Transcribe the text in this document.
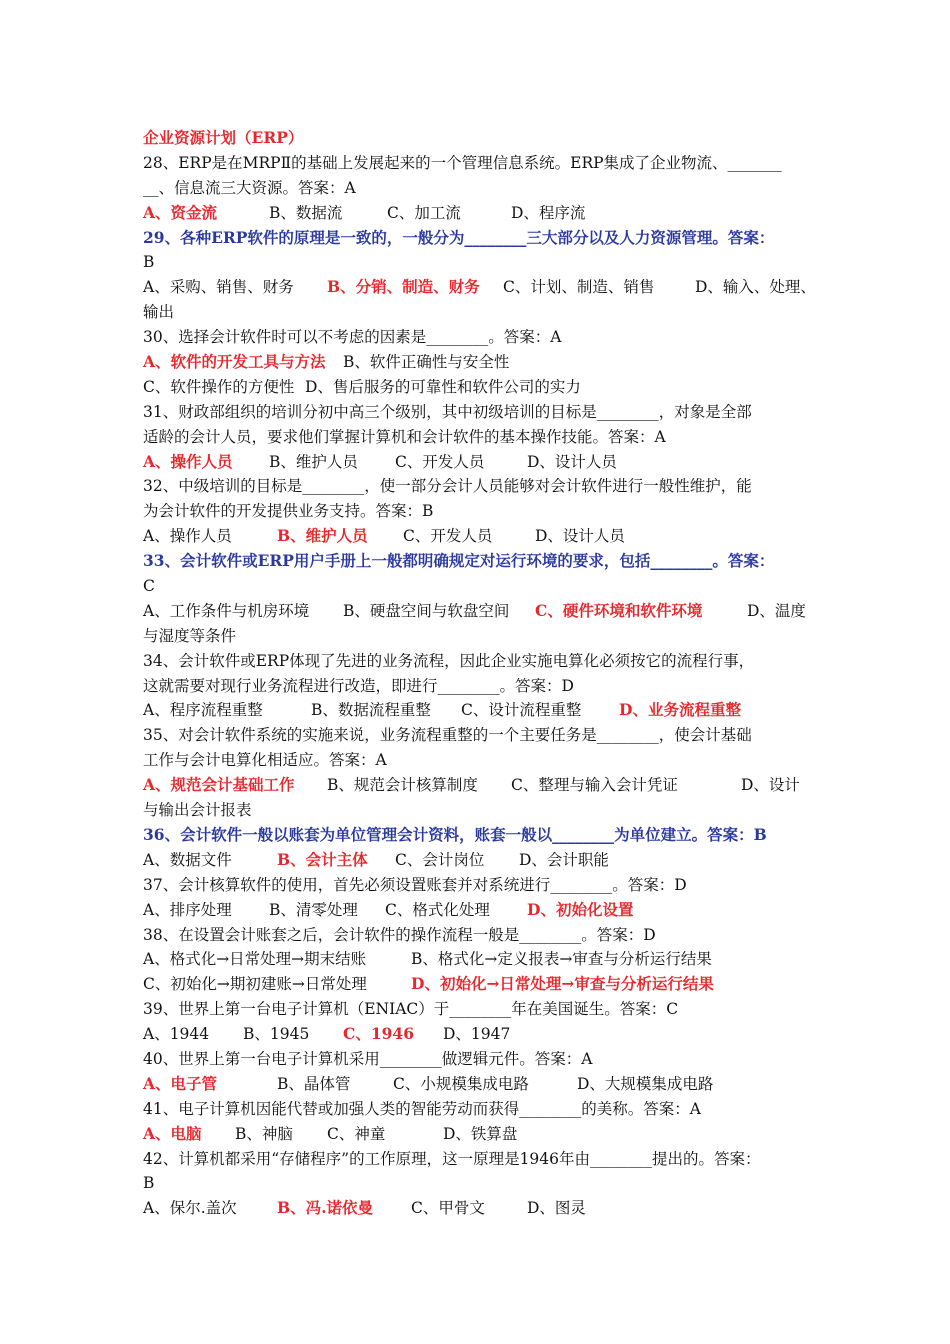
企业资源计划（ERP）
28、ERP是在MRPⅡ的基础上发展起来的一个管理信息系统。ERP集成了企业物流、_______
__、信息流三大资源。答案：A
A、资金流	B、数据流	C、加工流	D、程序流
29、各种ERP软件的原理是一致的，一般分为________三大部分以及人力资源管理。答案：
B
A、采购、销售、财务 B、分销、制造、财务 C、计划、制造、销售	D、输入、处理、
输出
30、选择会计软件时可以不考虑的因素是________。答案：A
A、软件的开发工具与方法 B、软件正确性与安全性
C、软件操作的方便性 D、售后服务的可靠性和软件公司的实力
31、财政部组织的培训分初中高三个级别，其中初级培训的目标是________，对象是全部
适龄的会计人员，要求他们掌握计算机和会计软件的基本操作技能。答案：A
A、操作人员 B、维护人员 C、开发人员	D、设计人员
32、中级培训的目标是________，使一部分会计人员能够对会计软件进行一般性维护，能
为会计软件的开发提供业务支持。答案：B
A、操作人员	B、维护人员 C、开发人员	D、设计人员
33、会计软件或ERP用户手册上一般都明确规定对运行环境的要求，包括________。答案：
C
A、工作条件与机房环境 B、硬盘空间与软盘空间 C、硬件环境和软件环境	D、温度
与湿度等条件
34、会计软件或ERP体现了先进的业务流程，因此企业实施电算化必须按它的流程行事，
这就需要对现行业务流程进行改造，即进行________。答案：D
A、程序流程重整	B、数据流程重整 C、设计流程重整 D、业务流程重整
35、对会计软件系统的实施来说，业务流程重整的一个主要任务是________，使会计基础
工作与会计电算化相适应。答案：A
A、规范会计基础工作 B、规范会计核算制度 C、整理与输入会计凭证	D、设计
与输出会计报表
36、会计软件一般以账套为单位管理会计资料，账套一般以________为单位建立。答案：B
A、数据文件	B、会计主体 C、会计岗位 D、会计职能
37、会计核算软件的使用，首先必须设置账套并对系统进行________。答案：D
A、排序处理 B、清零处理 C、格式化处理 D、初始化设置
38、在设置会计账套之后，会计软件的操作流程一般是________。答案：D
A、格式化→日常处理→期末结账	B、格式化→定义报表→审查与分析运行结果
C、初始化→期初建账→日常处理	D、初始化→日常处理→审查与分析运行结果
39、世界上第一台电子计算机（ENIAC）于________年在美国诞生。答案：C
A、1944 B、1945 C、1946 D、1947
40、世界上第一台电子计算机采用________做逻辑元件。答案：A
A、电子管	B、晶体管	C、小规模集成电路	D、大规模集成电路
41、电子计算机因能代替或加强人类的智能劳动而获得________的美称。答案：A
A、电脑 B、神脑 C、神童	D、铁算盘
42、计算机都采用“存储程序”的工作原理，这一原理是1946年由________提出的。答案：
B
A、保尔.盖次	B、冯.诺依曼 C、甲骨文	D、图灵
